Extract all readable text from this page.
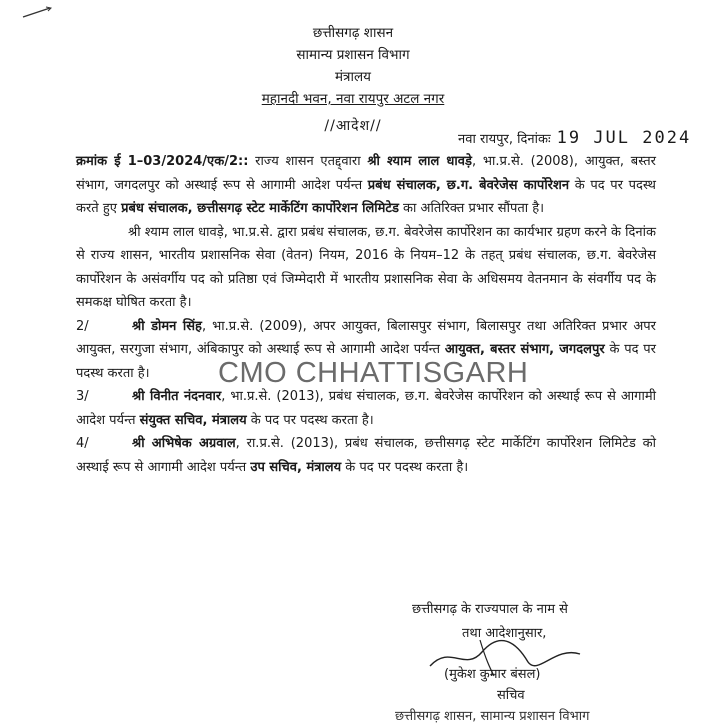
छत्तीसगढ़ शासन
सामान्य प्रशासन विभाग
मंत्रालय
महानदी भवन, नवा रायपुर अटल नगर
//आदेश//
नवा रायपुर, दिनांकः 19 JUL 2024

क्रमांक ई 1–03/2024/एक/2:: राज्य शासन एतद्द्वारा श्री श्याम लाल धावड़े, भा.प्र.से. (2008), आयुक्त, बस्तर संभाग, जगदलपुर को अस्थाई रूप से आगामी आदेश पर्यन्त प्रबंध संचालक, छ.ग. बेवरेजेस कार्पोरेशन के पद पर पदस्थ करते हुए प्रबंध संचालक, छत्तीसगढ़ स्टेट मार्केटिंग कार्पोरेशन लिमिटेड का अतिरिक्त प्रभार सौंपता है।

श्री श्याम लाल धावड़े, भा.प्र.से. द्वारा प्रबंध संचालक, छ.ग. बेवरेजेस कार्पोरेशन का कार्यभार ग्रहण करने के दिनांक से राज्य शासन, भारतीय प्रशासनिक सेवा (वेतन) नियम, 2016 के नियम–12 के तहत् प्रबंध संचालक, छ.ग. बेवरेजेस कार्पोरेशन के असंवर्गीय पद को प्रतिष्ठा एवं जिम्मेदारी में भारतीय प्रशासनिक सेवा के अधिसमय वेतनमान के संवर्गीय पद के समकक्ष घोषित करता है।

2/	श्री डोमन सिंह, भा.प्र.से. (2009), अपर आयुक्त, बिलासपुर संभाग, बिलासपुर तथा अतिरिक्त प्रभार अपर आयुक्त, सरगुजा संभाग, अंबिकापुर को अस्थाई रूप से आगामी आदेश पर्यन्त आयुक्त, बस्तर संभाग, जगदलपुर के पद पर पदस्थ करता है।

3/	श्री विनीत नंदनवार, भा.प्र.से. (2013), प्रबंध संचालक, छ.ग. बेवरेजेस कार्पोरेशन को अस्थाई रूप से आगामी आदेश पर्यन्त संयुक्त सचिव, मंत्रालय के पद पर पदस्थ करता है।

4/	श्री अभिषेक अग्रवाल, रा.प्र.से. (2013), प्रबंध संचालक, छत्तीसगढ़ स्टेट मार्केटिंग कार्पोरेशन लिमिटेड को अस्थाई रूप से आगामी आदेश पर्यन्त उप सचिव, मंत्रालय के पद पर पदस्थ करता है।

CMO CHHATTISGARH
छत्तीसगढ़ के राज्यपाल के नाम से
तथा आदेशानुसार,
(मुकेश कुमार बंसल)
सचिव
छत्तीसगढ़ शासन, सामान्य प्रशासन विभाग
